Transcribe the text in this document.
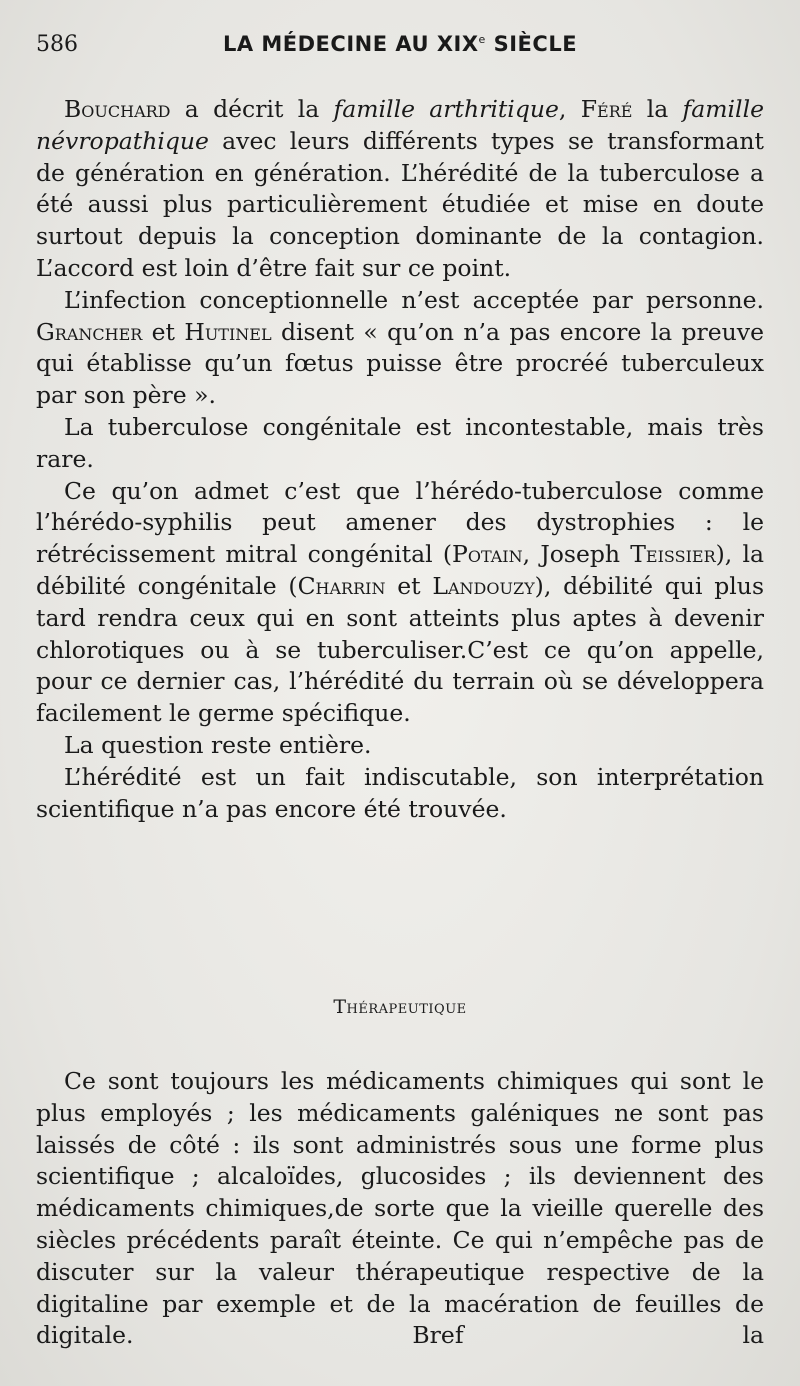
586	LA MÉDECINE AU XIXe SIÈCLE

Bouchard a décrit la famille arthritique, Féré la famille névropathique avec leurs différents types se transformant de génération en génération. L’hérédité de la tuberculose a été aussi plus particulièrement étudiée et mise en doute surtout depuis la conception dominante de la contagion. L’accord est loin d’être fait sur ce point.

L’infection conceptionnelle n’est acceptée par personne. Grancher et Hutinel disent « qu’on n’a pas encore la preuve qui établisse qu’un fœtus puisse être procréé tuberculeux par son père ».

La tuberculose congénitale est incontestable, mais très rare.

Ce qu’on admet c’est que l’hérédo-tuberculose comme l’hérédo-syphilis peut amener des dystrophies : le rétrécissement mitral congénital (Potain, Joseph Teissier), la débilité congénitale (Charrin et Landouzy), débilité qui plus tard rendra ceux qui en sont atteints plus aptes à devenir chlorotiques ou à se tuberculiser.C’est ce qu’on appelle, pour ce dernier cas, l’hérédité du terrain où se développera facilement le germe spécifique.

La question reste entière.

L’hérédité est un fait indiscutable, son interprétation scientifique n’a pas encore été trouvée.

Thérapeutique

Ce sont toujours les médicaments chimiques qui sont le plus employés ; les médicaments galéniques ne sont pas laissés de côté : ils sont administrés sous une forme plus scientifique ; alcaloïdes, glucosides ; ils deviennent des médicaments chimiques,de sorte que la vieille querelle des siècles précédents paraît éteinte. Ce qui n’empêche pas de discuter sur la valeur thérapeutique respective de la digitaline par exemple et de la macération de feuilles de digitale. Bref la
